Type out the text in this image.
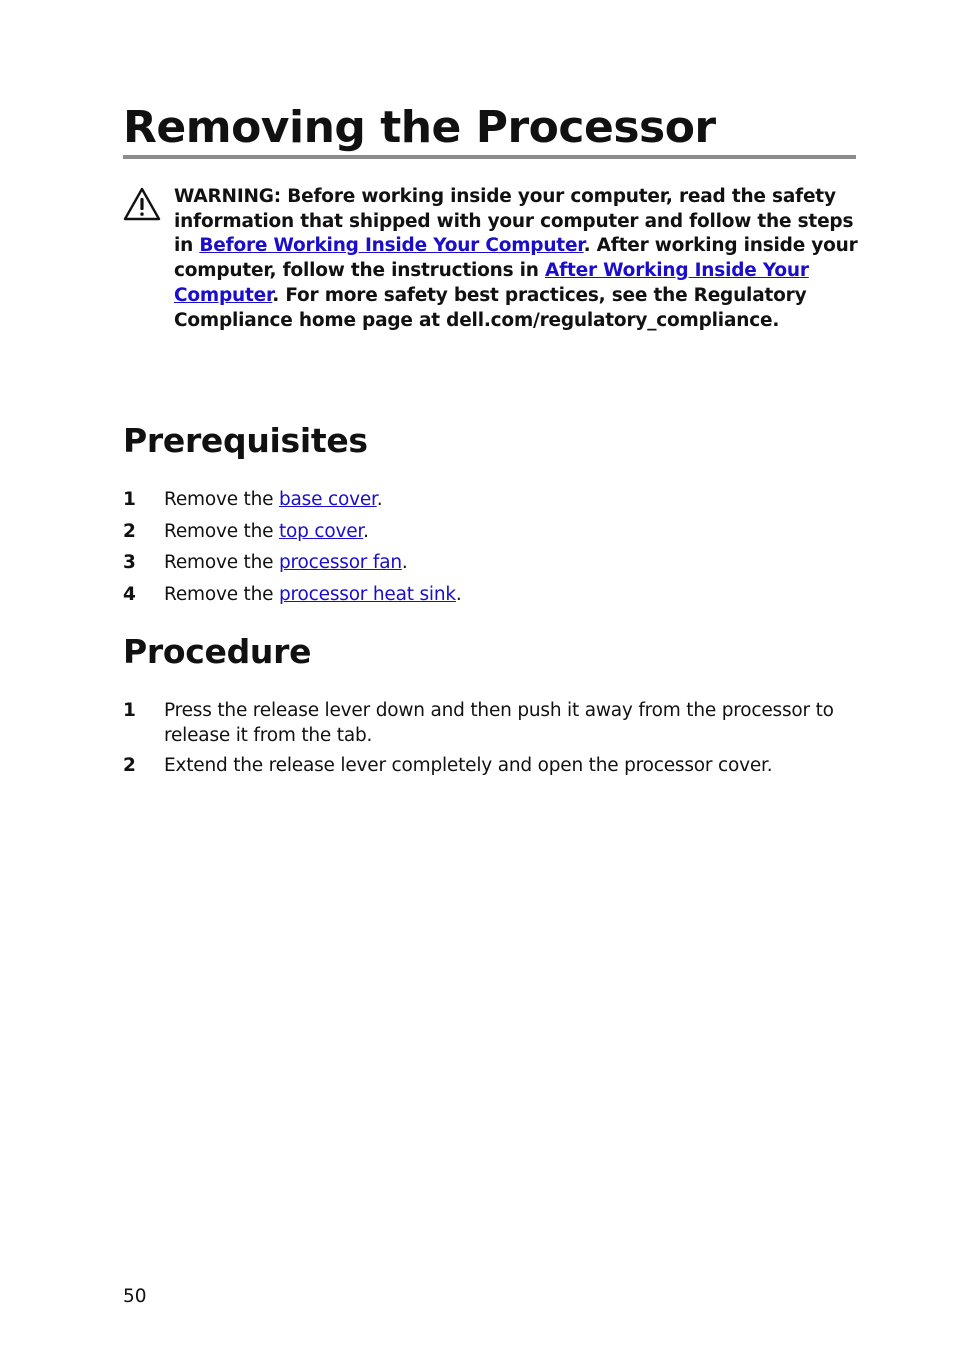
Removing the Processor

WARNING: Before working inside your computer, read the safety information that shipped with your computer and follow the steps in Before Working Inside Your Computer. After working inside your computer, follow the instructions in After Working Inside Your Computer. For more safety best practices, see the Regulatory Compliance home page at dell.com/regulatory_compliance.

Prerequisites
1 Remove the base cover.
2 Remove the top cover.
3 Remove the processor fan.
4 Remove the processor heat sink.
Procedure
1 Press the release lever down and then push it away from the processor to release it from the tab.
2 Extend the release lever completely and open the processor cover.
50
